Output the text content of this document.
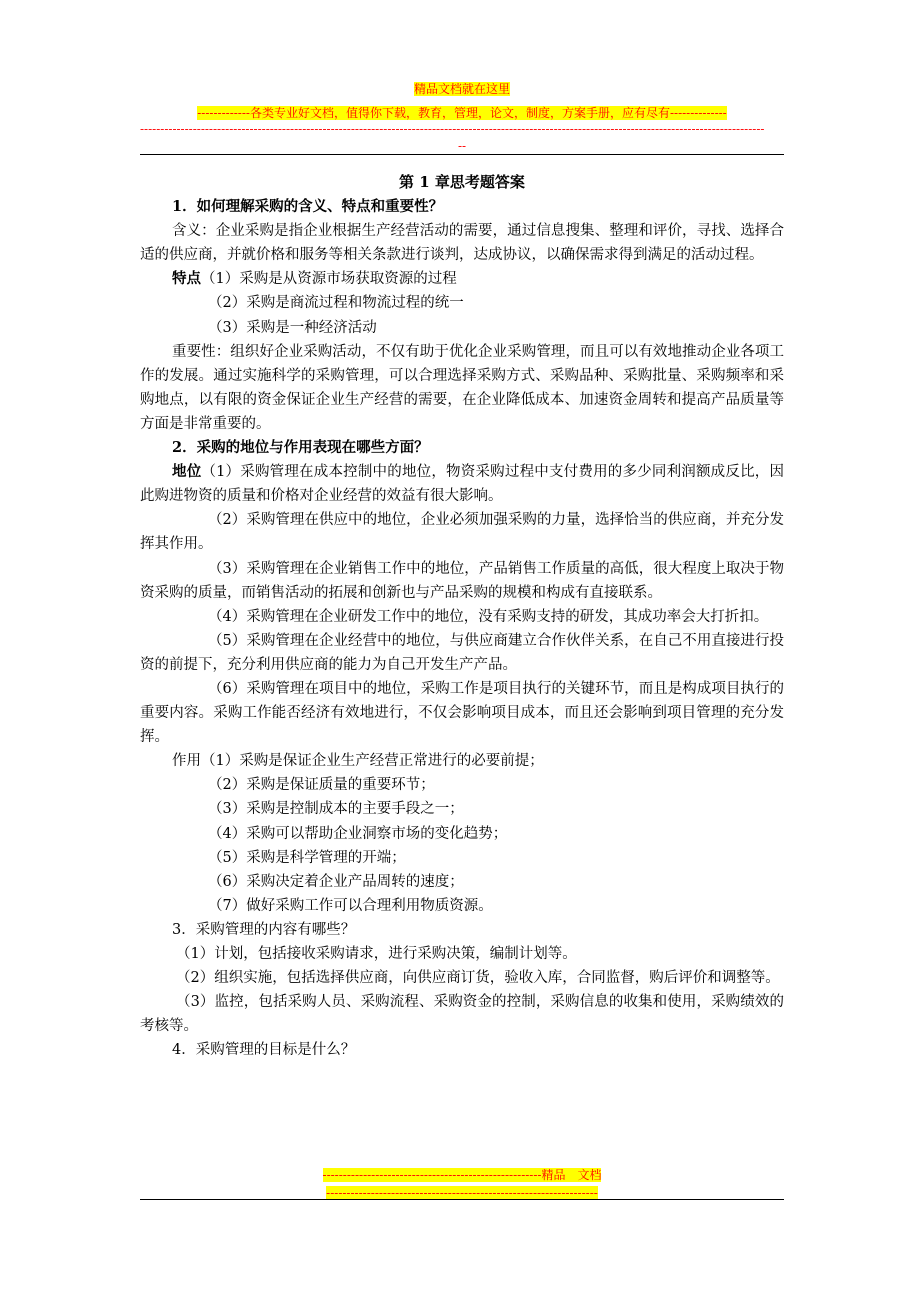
精品文档就在这里
-------------各类专业好文档，值得你下载，教育，管理，论文，制度，方案手册，应有尽有--------------
----------------------------------------------------------------------------------------------------------------------------------------------------------
--

第 1 章思考题答案

1．如何理解采购的含义、特点和重要性？

含义：企业采购是指企业根据生产经营活动的需要，通过信息搜集、整理和评价，寻找、选择合适的供应商，并就价格和服务等相关条款进行谈判，达成协议，以确保需求得到满足的活动过程。

特点（1）采购是从资源市场获取资源的过程

（2）采购是商流过程和物流过程的统一

（3）采购是一种经济活动

重要性：组织好企业采购活动，不仅有助于优化企业采购管理，而且可以有效地推动企业各项工作的发展。通过实施科学的采购管理，可以合理选择采购方式、采购品种、采购批量、采购频率和采购地点，以有限的资金保证企业生产经营的需要，在企业降低成本、加速资金周转和提高产品质量等方面是非常重要的。

2．采购的地位与作用表现在哪些方面？

地位（1）采购管理在成本控制中的地位，物资采购过程中支付费用的多少同利润额成反比，因此购进物资的质量和价格对企业经营的效益有很大影响。

（2）采购管理在供应中的地位，企业必须加强采购的力量，选择恰当的供应商，并充分发挥其作用。

（3）采购管理在企业销售工作中的地位，产品销售工作质量的高低，很大程度上取决于物资采购的质量，而销售活动的拓展和创新也与产品采购的规模和构成有直接联系。

（4）采购管理在企业研发工作中的地位，没有采购支持的研发，其成功率会大打折扣。

（5）采购管理在企业经营中的地位，与供应商建立合作伙伴关系，在自己不用直接进行投资的前提下，充分利用供应商的能力为自己开发生产产品。

（6）采购管理在项目中的地位，采购工作是项目执行的关键环节，而且是构成项目执行的重要内容。采购工作能否经济有效地进行，不仅会影响项目成本，而且还会影响到项目管理的充分发挥。

作用（1）采购是保证企业生产经营正常进行的必要前提；

（2）采购是保证质量的重要环节；

（3）采购是控制成本的主要手段之一；

（4）采购可以帮助企业洞察市场的变化趋势；

（5）采购是科学管理的开端；

（6）采购决定着企业产品周转的速度；

（7）做好采购工作可以合理利用物质资源。

3．采购管理的内容有哪些？

（1）计划，包括接收采购请求，进行采购决策，编制计划等。

（2）组织实施，包括选择供应商，向供应商订货，验收入库，合同监督，购后评价和调整等。

（3）监控，包括采购人员、采购流程、采购资金的控制，采购信息的收集和使用，采购绩效的考核等。

4．采购管理的目标是什么？

------------------------------------------------------精品　文档
-------------------------------------------------------------------
